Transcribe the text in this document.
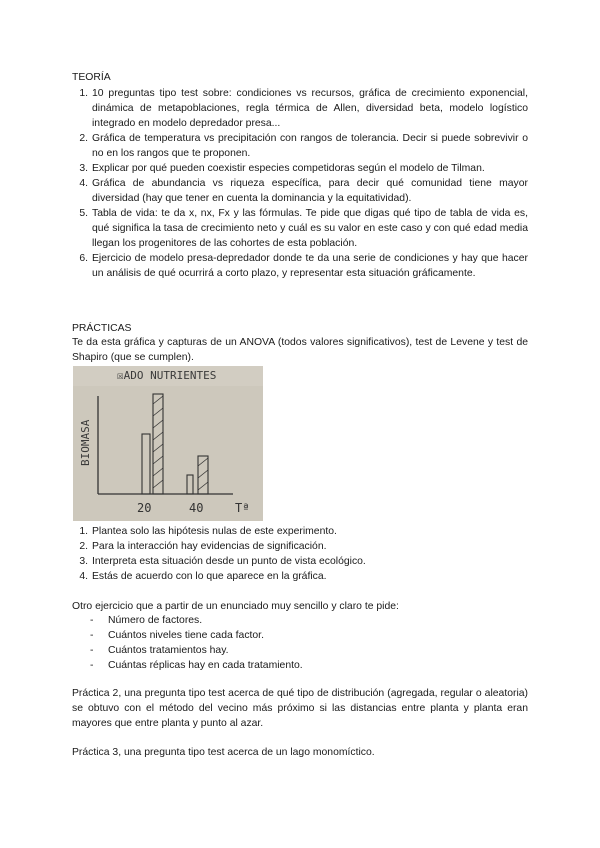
TEORÍA
1. 10 preguntas tipo test sobre: condiciones vs recursos, gráfica de crecimiento exponencial, dinámica de metapoblaciones, regla térmica de Allen, diversidad beta, modelo logístico integrado en modelo depredador presa...
2. Gráfica de temperatura vs precipitación con rangos de tolerancia. Decir si puede sobrevivir o no en los rangos que te proponen.
3. Explicar por qué pueden coexistir especies competidoras según el modelo de Tilman.
4. Gráfica de abundancia vs riqueza específica, para decir qué comunidad tiene mayor diversidad (hay que tener en cuenta la dominancia y la equitatividad).
5. Tabla de vida: te da x, nx, Fx y las fórmulas. Te pide que digas qué tipo de tabla de vida es, qué significa la tasa de crecimiento neto y cuál es su valor en este caso y con qué edad media llegan los progenitores de las cohortes de esta población.
6. Ejercicio de modelo presa-depredador donde te da una serie de condiciones y hay que hacer un análisis de qué ocurrirá a corto plazo, y representar esta situación gráficamente.
PRÁCTICAS

Te da esta gráfica y capturas de un ANOVA (todos valores significativos), test de Levene y test de Shapiro (que se cumplen).

☒ADO NUTRIENTES
BIOMASA
20	40	Tª
1. Plantea solo las hipótesis nulas de este experimento.
2. Para la interacción hay evidencias de significación.
3. Interpreta esta situación desde un punto de vista ecológico.
4. Estás de acuerdo con lo que aparece en la gráfica.

Otro ejercicio que a partir de un enunciado muy sencillo y claro te pide:

- Número de factores.
- Cuántos niveles tiene cada factor.
- Cuántos tratamientos hay.
- Cuántas réplicas hay en cada tratamiento.

Práctica 2, una pregunta tipo test acerca de qué tipo de distribución (agregada, regular o aleatoria) se obtuvo con el método del vecino más próximo si las distancias entre planta y planta eran mayores que entre planta y punto al azar.

Práctica 3, una pregunta tipo test acerca de un lago monomíctico.
